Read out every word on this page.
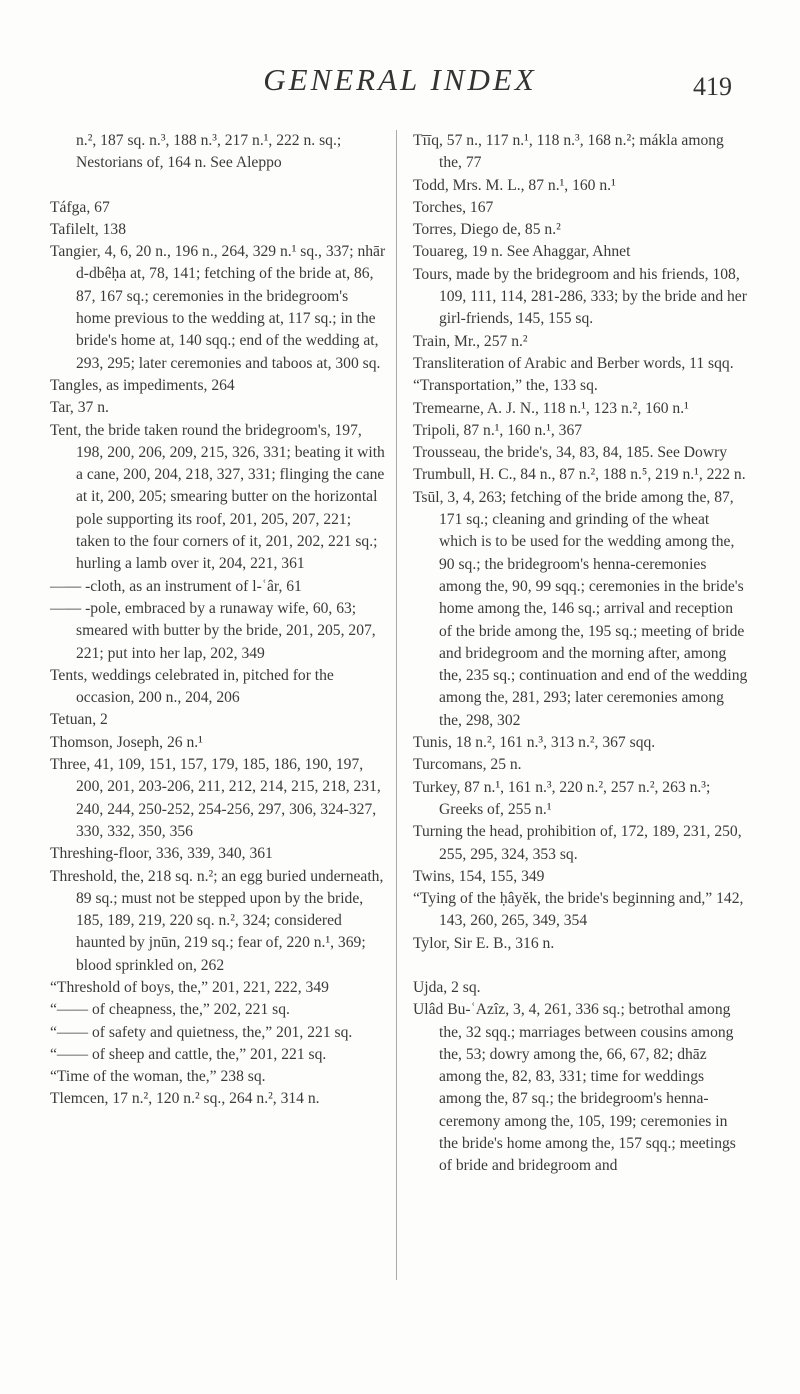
GENERAL INDEX	419
n.², 187 sq. n.³, 188 n.³, 217 n.¹, 222 n. sq.; Nestorians of, 164 n. See Aleppo
Táfga, 67
Tafilelt, 138
Tangier, 4, 6, 20 n., 196 n., 264, 329 n.¹ sq., 337; nhār d-dbêḥa at, 78, 141; fetching of the bride at, 86, 87, 167 sq.; ceremonies in the bridegroom's home previous to the wedding at, 117 sq.; in the bride's home at, 140 sqq.; end of the wedding at, 293, 295; later ceremonies and taboos at, 300 sq.
Tangles, as impediments, 264
Tar, 37 n.
Tent, the bride taken round the bridegroom's, 197, 198, 200, 206, 209, 215, 326, 331; beating it with a cane, 200, 204, 218, 327, 331; flinging the cane at it, 200, 205; smearing butter on the horizontal pole supporting its roof, 201, 205, 207, 221; taken to the four corners of it, 201, 202, 221 sq.; hurling a lamb over it, 204, 221, 361
—— -cloth, as an instrument of l-ʿâr, 61
—— -pole, embraced by a runaway wife, 60, 63; smeared with butter by the bride, 201, 205, 207, 221; put into her lap, 202, 349
Tents, weddings celebrated in, pitched for the occasion, 200 n., 204, 206
Tetuan, 2
Thomson, Joseph, 26 n.¹
Three, 41, 109, 151, 157, 179, 185, 186, 190, 197, 200, 201, 203-206, 211, 212, 214, 215, 218, 231, 240, 244, 250-252, 254-256, 297, 306, 324-327, 330, 332, 350, 356
Threshing-floor, 336, 339, 340, 361
Threshold, the, 218 sq. n.²; an egg buried underneath, 89 sq.; must not be stepped upon by the bride, 185, 189, 219, 220 sq. n.², 324; considered haunted by jnūn, 219 sq.; fear of, 220 n.¹, 369; blood sprinkled on, 262
“Threshold of boys, the,” 201, 221, 222, 349
“—— of cheapness, the,” 202, 221 sq.
“—— of safety and quietness, the,” 201, 221 sq.
“—— of sheep and cattle, the,” 201, 221 sq.
“Time of the woman, the,” 238 sq.
Tlemcen, 17 n.², 120 n.² sq., 264 n.², 314 n.
Tīīq, 57 n., 117 n.¹, 118 n.³, 168 n.²; mákla among the, 77
Todd, Mrs. M. L., 87 n.¹, 160 n.¹
Torches, 167
Torres, Diego de, 85 n.²
Touareg, 19 n. See Ahaggar, Ahnet
Tours, made by the bridegroom and his friends, 108, 109, 111, 114, 281-286, 333; by the bride and her girl-friends, 145, 155 sq.
Train, Mr., 257 n.²
Transliteration of Arabic and Berber words, 11 sqq.
“Transportation,” the, 133 sq.
Tremearne, A. J. N., 118 n.¹, 123 n.², 160 n.¹
Tripoli, 87 n.¹, 160 n.¹, 367
Trousseau, the bride's, 34, 83, 84, 185. See Dowry
Trumbull, H. C., 84 n., 87 n.², 188 n.⁵, 219 n.¹, 222 n.
Tsūl, 3, 4, 263; fetching of the bride among the, 87, 171 sq.; cleaning and grinding of the wheat which is to be used for the wedding among the, 90 sq.; the bridegroom's henna-ceremonies among the, 90, 99 sqq.; ceremonies in the bride's home among the, 146 sq.; arrival and reception of the bride among the, 195 sq.; meeting of bride and bridegroom and the morning after, among the, 235 sq.; continuation and end of the wedding among the, 281, 293; later ceremonies among the, 298, 302
Tunis, 18 n.², 161 n.³, 313 n.², 367 sqq.
Turcomans, 25 n.
Turkey, 87 n.¹, 161 n.³, 220 n.², 257 n.², 263 n.³; Greeks of, 255 n.¹
Turning the head, prohibition of, 172, 189, 231, 250, 255, 295, 324, 353 sq.
Twins, 154, 155, 349
“Tying of the ḥâyĕk, the bride's beginning and,” 142, 143, 260, 265, 349, 354
Tylor, Sir E. B., 316 n.
Ujda, 2 sq.
Ulâd Bu-ʿAzîz, 3, 4, 261, 336 sq.; betrothal among the, 32 sqq.; marriages between cousins among the, 53; dowry among the, 66, 67, 82; dhāz among the, 82, 83, 331; time for weddings among the, 87 sq.; the bridegroom's henna-ceremony among the, 105, 199; ceremonies in the bride's home among the, 157 sqq.; meetings of bride and bridegroom and
